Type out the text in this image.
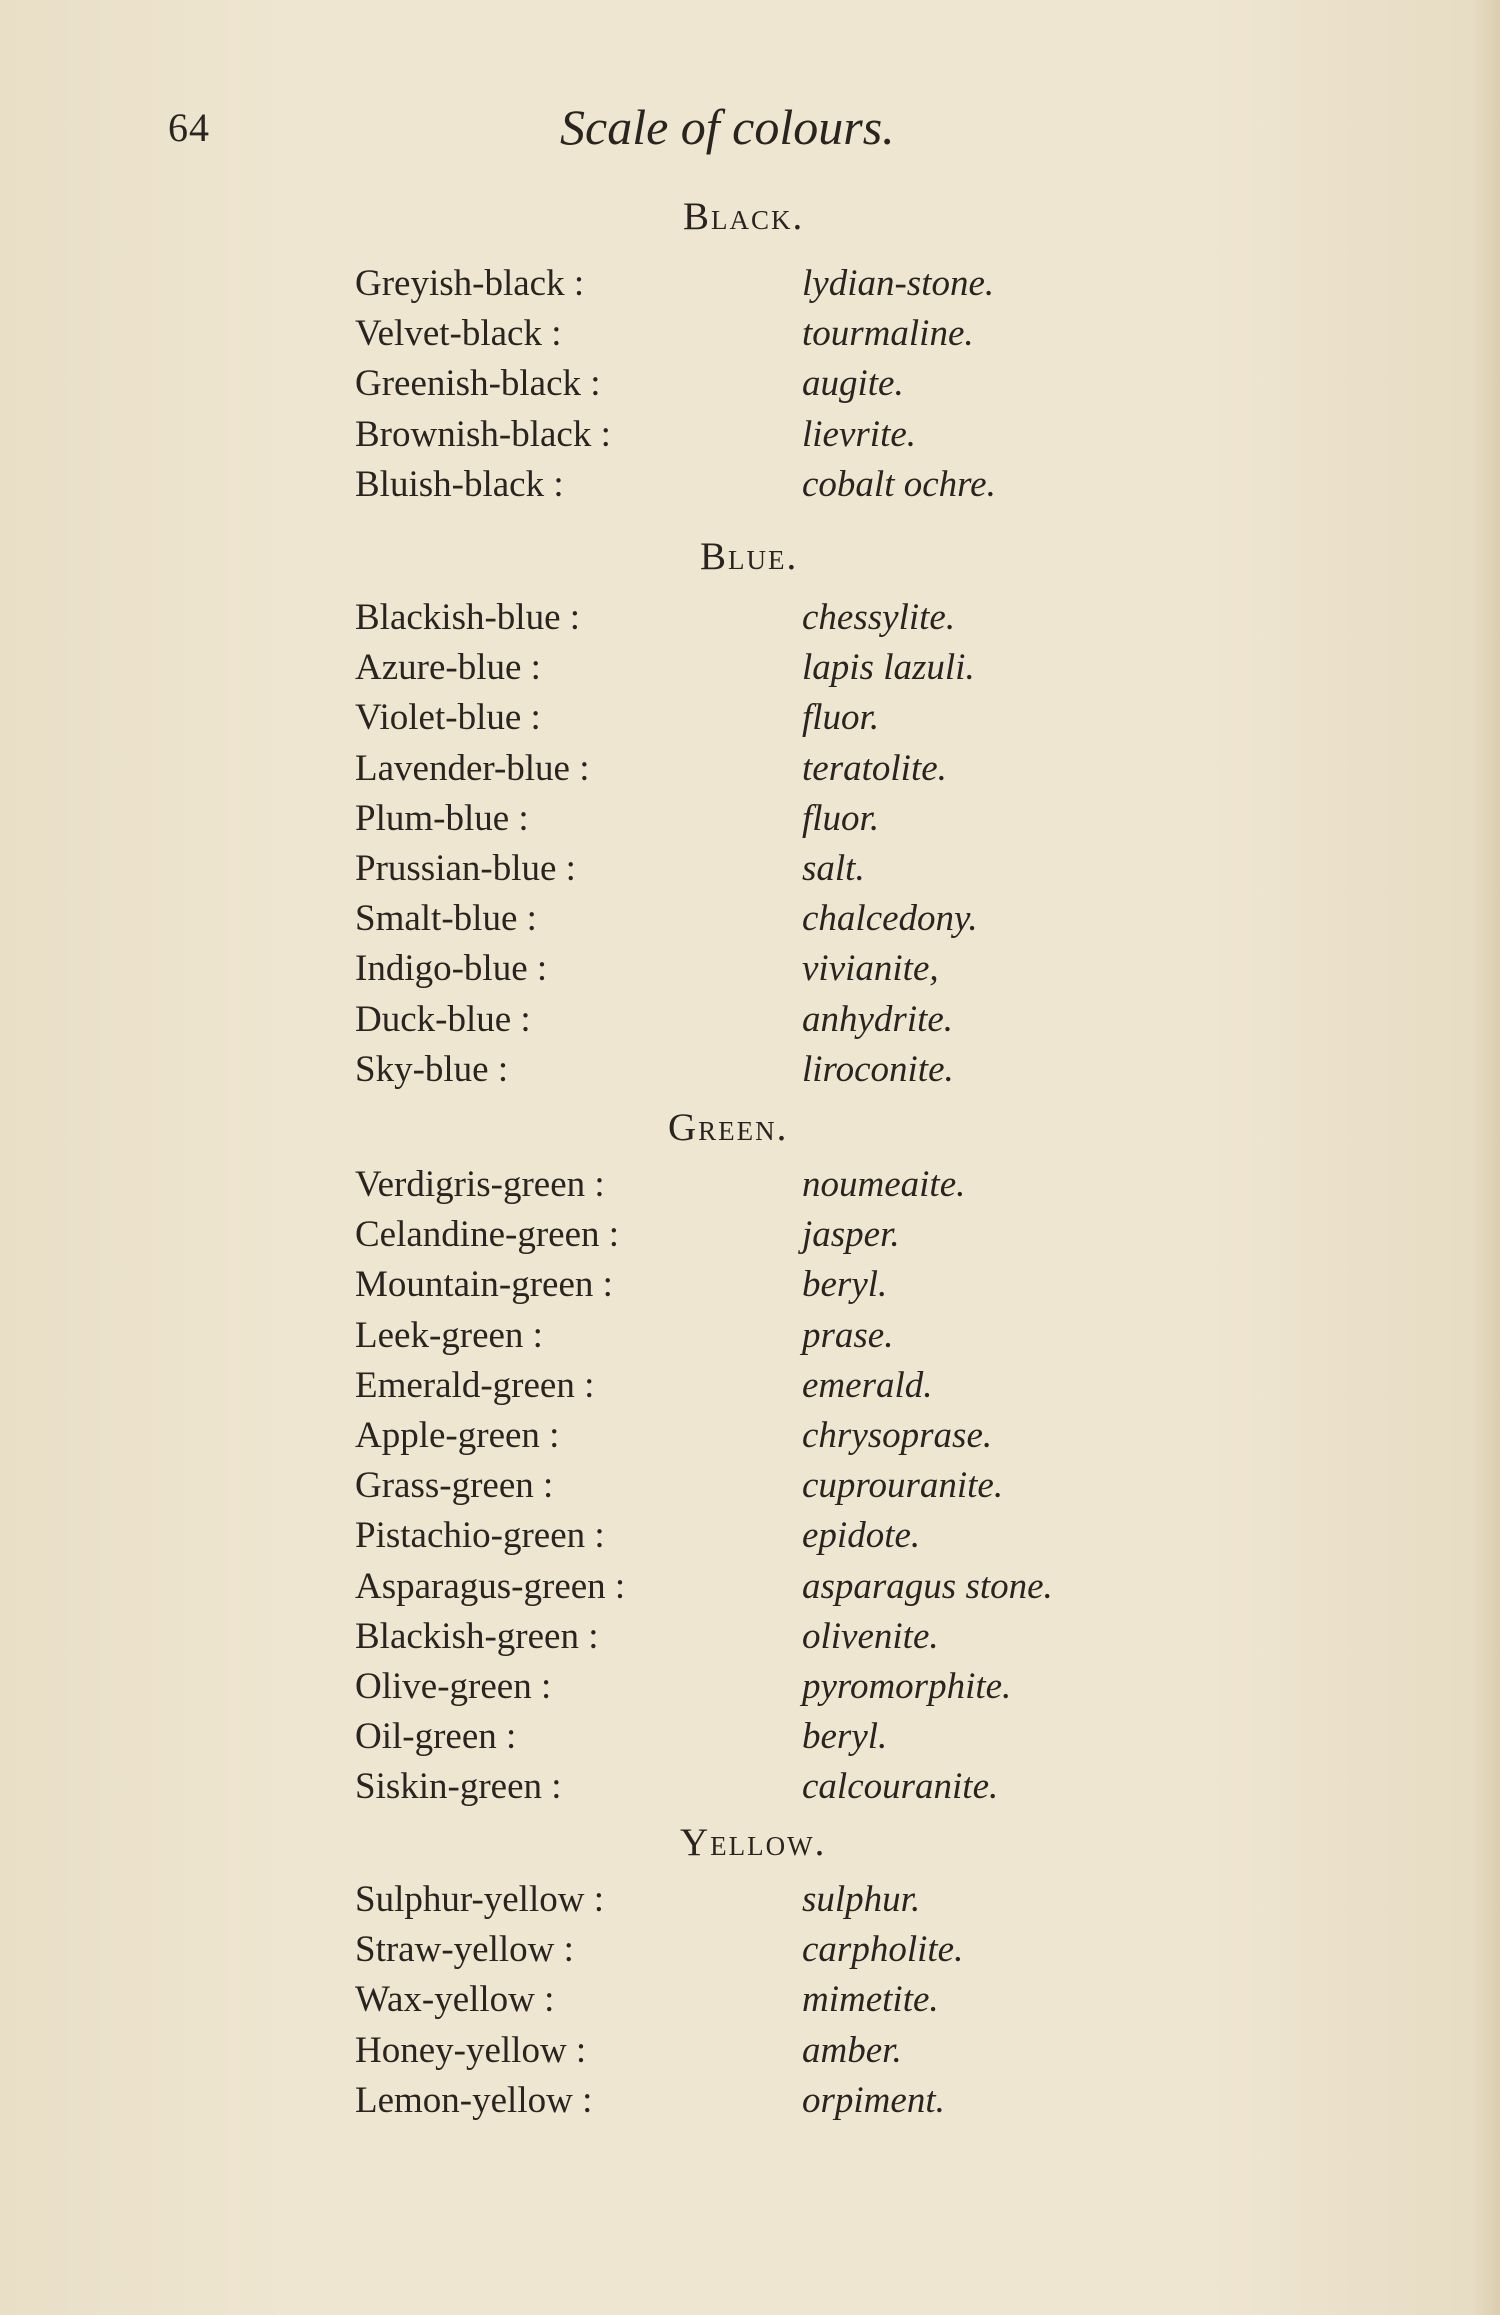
64	Scale of colours.
Black.
Greyish-black :	lydian-stone.
Velvet-black :	tourmaline.
Greenish-black :	augite.
Brownish-black :	lievrite.
Bluish-black :	cobalt ochre.
Blue.
Blackish-blue :	chessylite.
Azure-blue :	lapis lazuli.
Violet-blue :	fluor.
Lavender-blue :	teratolite.
Plum-blue :	fluor.
Prussian-blue :	salt.
Smalt-blue :	chalcedony.
Indigo-blue :	vivianite,
Duck-blue :	anhydrite.
Sky-blue :	liroconite.
Green.
Verdigris-green :	noumeaite.
Celandine-green :	jasper.
Mountain-green :	beryl.
Leek-green :	prase.
Emerald-green :	emerald.
Apple-green :	chrysoprase.
Grass-green :	cuprouranite.
Pistachio-green :	epidote.
Asparagus-green :	asparagus stone.
Blackish-green :	olivenite.
Olive-green :	pyromorphite.
Oil-green :	beryl.
Siskin-green :	calcouranite.
Yellow.
Sulphur-yellow :	sulphur.
Straw-yellow :	carpholite.
Wax-yellow :	mimetite.
Honey-yellow :	amber.
Lemon-yellow :	orpiment.
